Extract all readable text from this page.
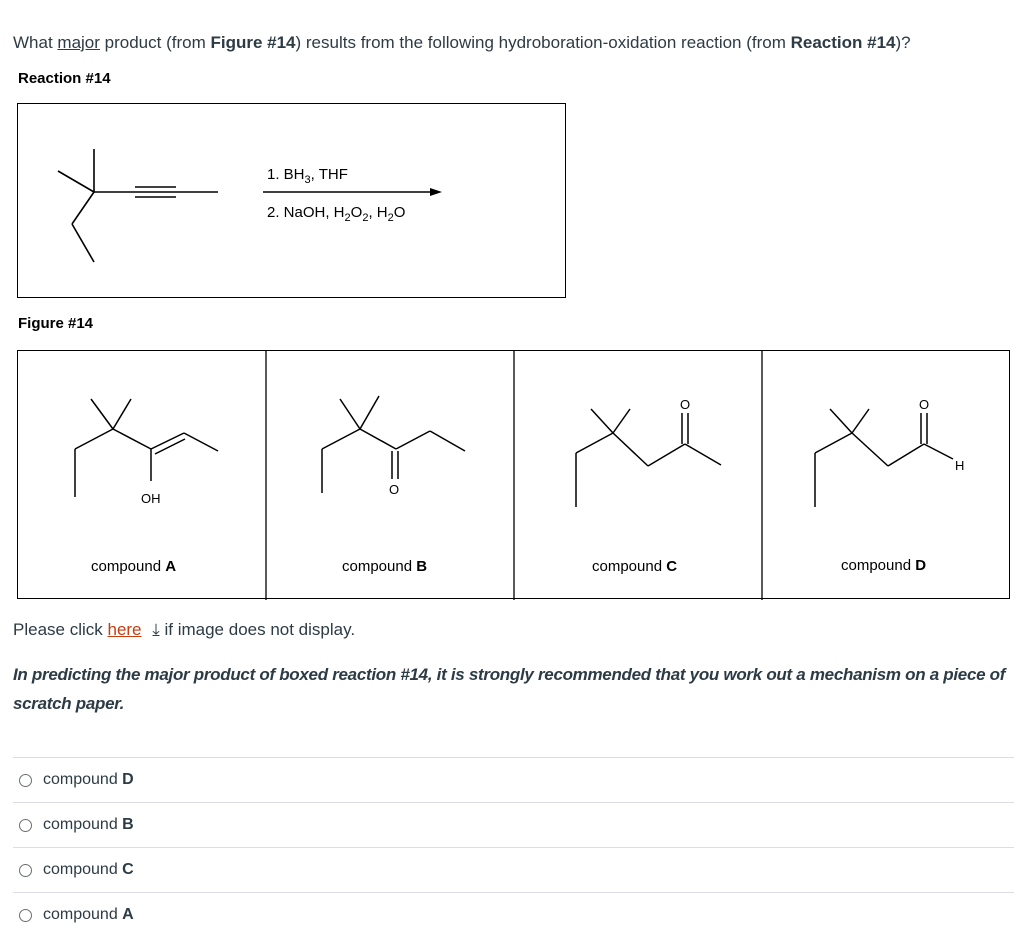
What major product (from Figure #14) results from the following hydroboration-oxidation reaction (from Reaction #14)?
Reaction #14
1. $BH_3$, THF
2. NaOH, $H_2O_2$, $H_2O$
Figure #14
OH
O
O	O
H
compound A	compound B	compound C	compound D
Please click here ⤓ if image does not display.
In predicting the major product of boxed reaction #14, it is strongly recommended that you work out a mechanism on a piece of scratch paper.
compound D
compound B
compound C
compound A
